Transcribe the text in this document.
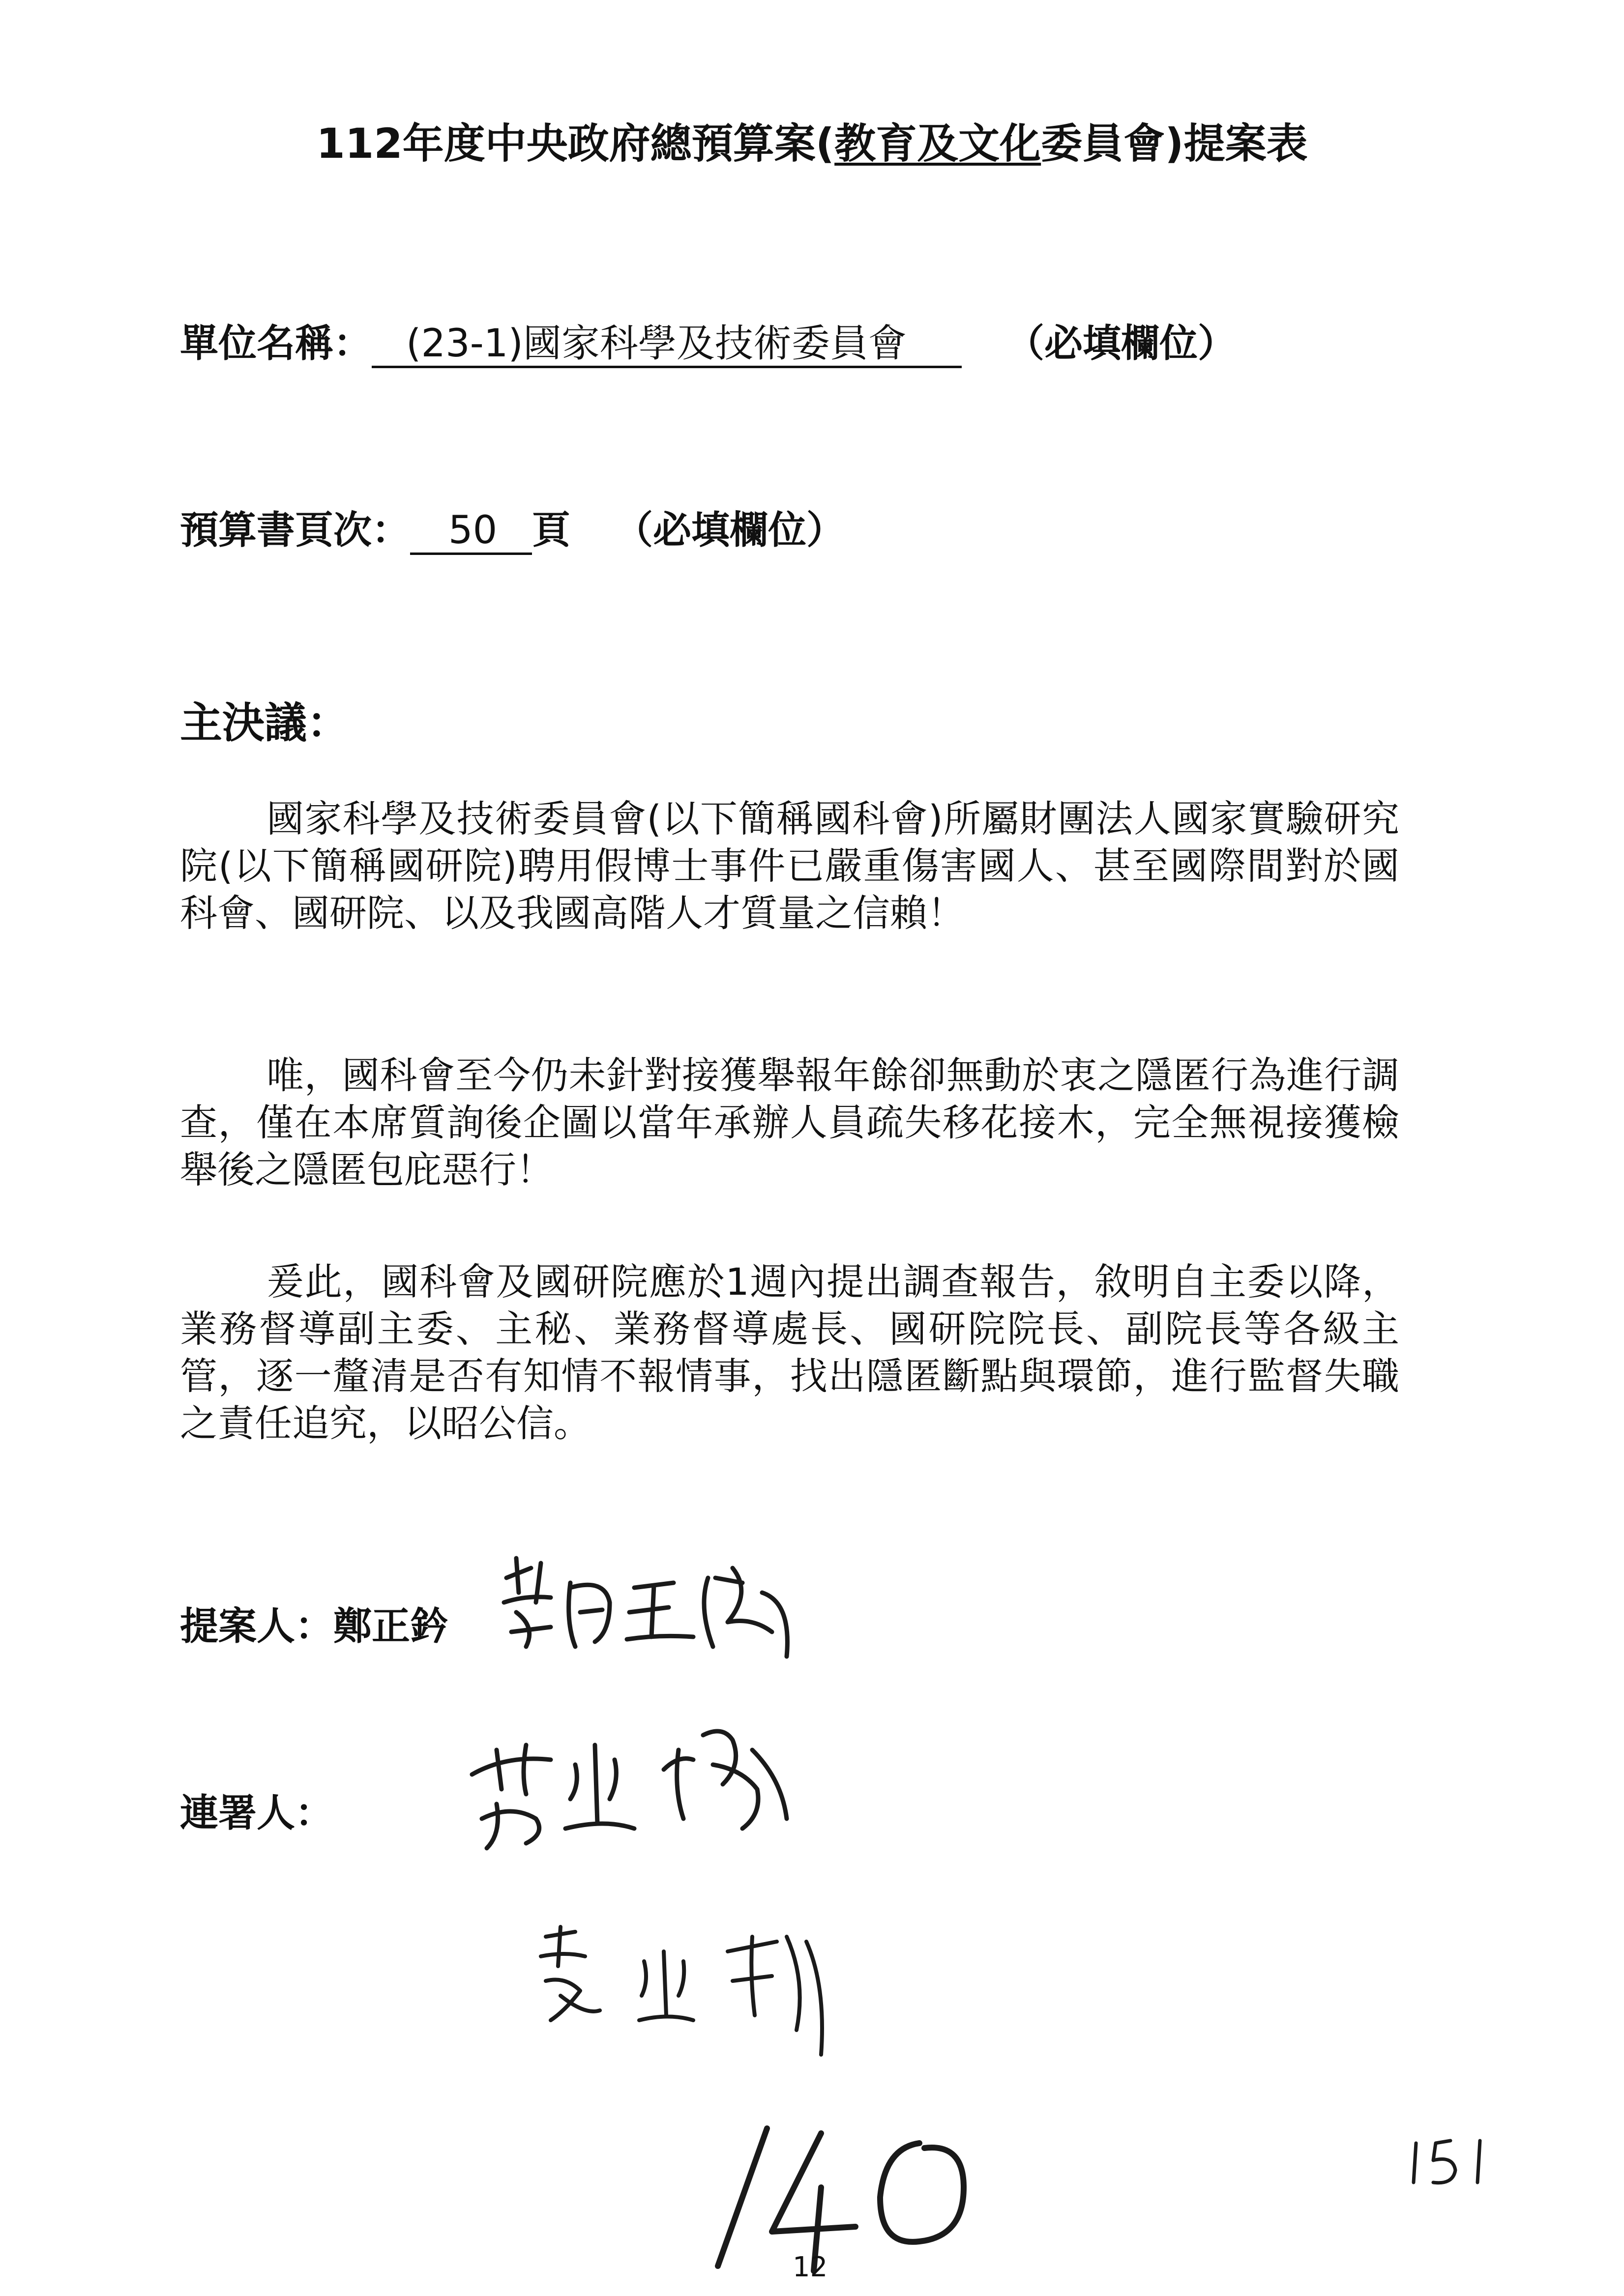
112年度中央政府總預算案(教育及文化委員會)提案表
單位名稱： (23-1)國家科學及技術委員會	（必填欄位）
預算書頁次： 50 頁 （必填欄位）
主決議：
國家科學及技術委員會(以下簡稱國科會)所屬財團法人國家實驗研究院(以下簡稱國研院)聘用假博士事件已嚴重傷害國人、甚至國際間對於國科會、國研院、以及我國高階人才質量之信賴！
唯，國科會至今仍未針對接獲舉報年餘卻無動於衷之隱匿行為進行調查，僅在本席質詢後企圖以當年承辦人員疏失移花接木，完全無視接獲檢舉後之隱匿包庇惡行！
爰此，國科會及國研院應於1週內提出調查報告，敘明自主委以降，業務督導副主委、主秘、業務督導處長、國研院院長、副院長等各級主管，逐一釐清是否有知情不報情事，找出隱匿斷點與環節，進行監督失職之責任追究，以昭公信。
提案人：鄭正鈐
連署人：
12
